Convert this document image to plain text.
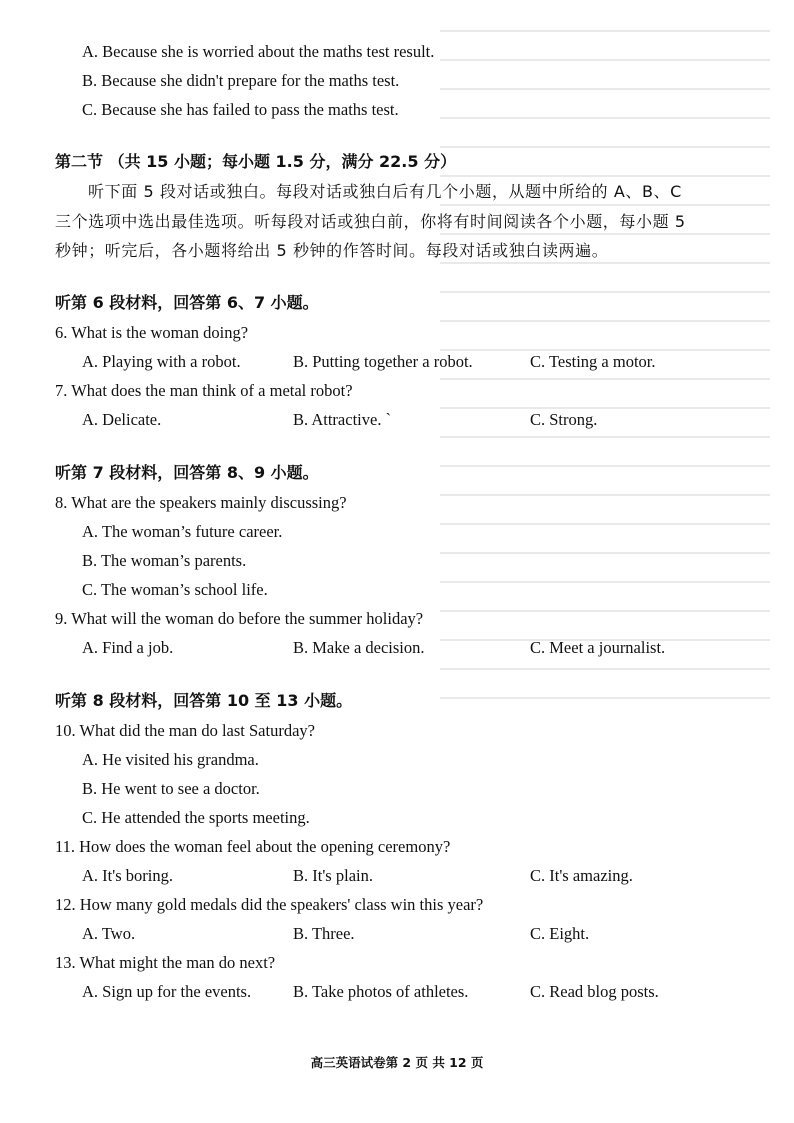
A. Because she is worried about the maths test result.
B. Because she didn't prepare for the maths test.
C. Because she has failed to pass the maths test.
第二节 （共 15 小题；每小题 1.5 分，满分 22.5 分）
听下面 5 段对话或独白。每段对话或独白后有几个小题，从题中所给的 A、B、C
三个选项中选出最佳选项。听每段对话或独白前，你将有时间阅读各个小题，每小题 5
秒钟；听完后，各小题将给出 5 秒钟的作答时间。每段对话或独白读两遍。
听第 6 段材料，回答第 6、7 小题。
6. What is the woman doing?
A. Playing with a robot.	B. Putting together a robot.	C. Testing a motor.
7. What does the man think of a metal robot?
A. Delicate.	B. Attractive. `	C. Strong.
听第 7 段材料，回答第 8、9 小题。
8. What are the speakers mainly discussing?
A. The woman’s future career.
B. The woman’s parents.
C. The woman’s school life.
9. What will the woman do before the summer holiday?
A. Find a job.	B. Make a decision.	C. Meet a journalist.
听第 8 段材料，回答第 10 至 13 小题。
10. What did the man do last Saturday?
A. He visited his grandma.
B. He went to see a doctor.
C. He attended the sports meeting.
11. How does the woman feel about the opening ceremony?
A. It's boring.	B. It's plain.	C. It's amazing.
12. How many gold medals did the speakers' class win this year?
A. Two.	B. Three.	C. Eight.
13. What might the man do next?
A. Sign up for the events.	B. Take photos of athletes.	C. Read blog posts.
高三英语试卷第 2 页 共 12 页
